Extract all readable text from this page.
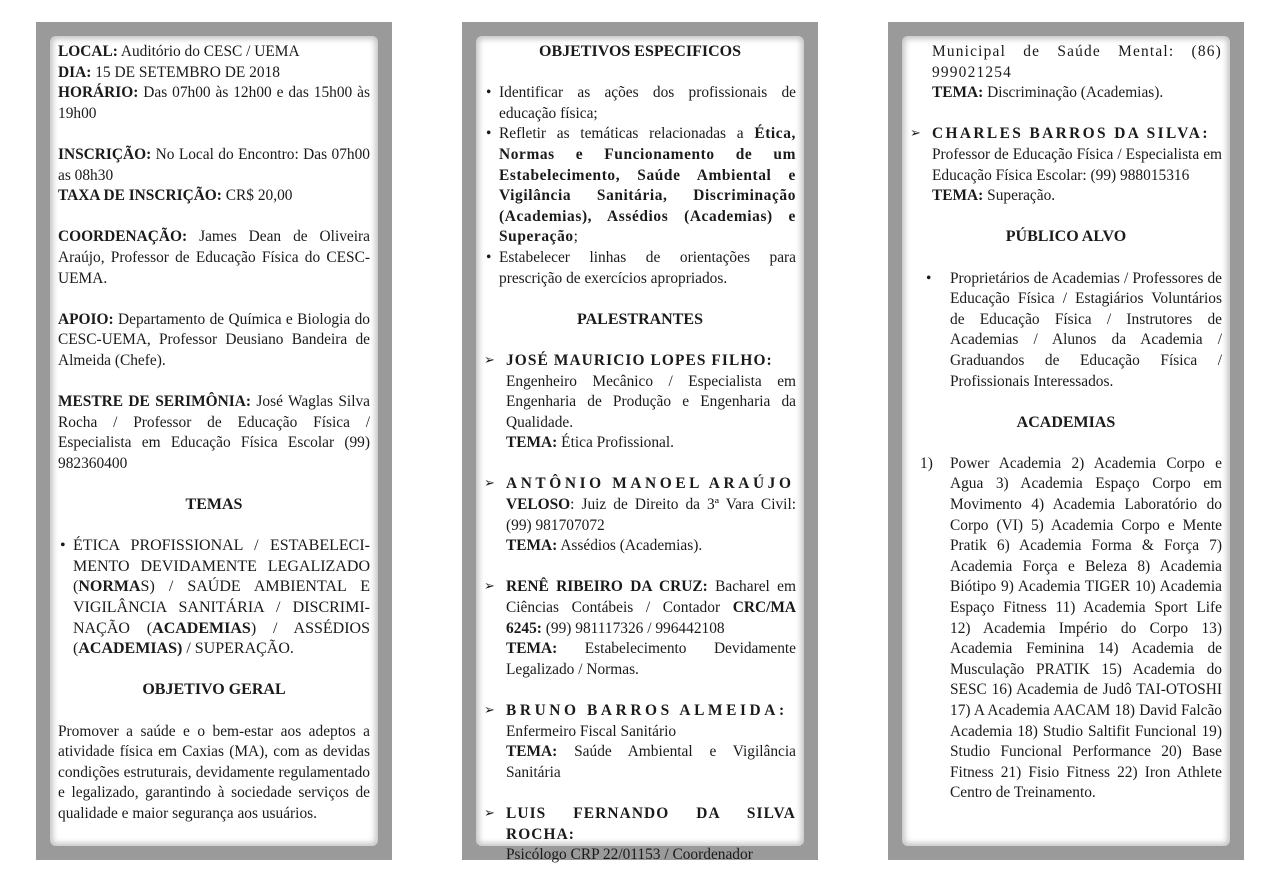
LOCAL: Auditório do CESC / UEMA

DIA: 15 DE SETEMBRO DE 2018

HORÁRIO: Das 07h00 às 12h00 e das 15h00 às 19h00

INSCRIÇÃO: No Local do Encontro: Das 07h00 as 08h30

TAXA DE INSCRIÇÃO: CR$ 20,00

COORDENAÇÃO: James Dean de Oliveira Araújo, Professor de Educação Física do CESC-UEMA.

APOIO: Departamento de Química e Biologia do CESC-UEMA, Professor Deusiano Bandeira de Almeida (Chefe).

MESTRE DE SERIMÔNIA: José Waglas Silva Rocha / Professor de Educação Física / Especialista em Educação Física Escolar (99) 982360400

TEMAS

• ÉTICA PROFISSIONAL / ESTABELECI-MENTO DEVIDAMENTE LEGALIZADO (NORMAS) / SAÚDE AMBIENTAL E VIGILÂNCIA SANITÁRIA / DISCRIMI-NAÇÃO (ACADEMIAS) / ASSÉDIOS (ACADEMIAS) / SUPERAÇÃO.

OBJETIVO GERAL

Promover a saúde e o bem-estar aos adeptos a atividade física em Caxias (MA), com as devidas condições estruturais, devidamente regulamentado e legalizado, garantindo à sociedade serviços de qualidade e maior segurança aos usuários.

OBJETIVOS ESPECIFICOS

• Identificar as ações dos profissionais de educação física;
• Refletir as temáticas relacionadas a Ética, Normas e Funcionamento de um Estabelecimento, Saúde Ambiental e Vigilância Sanitária, Discriminação (Academias), Assédios (Academias) e Superação;
• Estabelecer linhas de orientações para prescrição de exercícios apropriados.

PALESTRANTES

➢ JOSÉ MAURICIO LOPES FILHO:

Engenheiro Mecânico / Especialista em Engenharia de Produção e Engenharia da Qualidade.

TEMA: Ética Profissional.

➢ ANTÔNIO MANOEL ARAÚJO

VELOSO: Juiz de Direito da 3ª Vara Civil: (99) 981707072

TEMA: Assédios (Academias).

➢ RENÊ RIBEIRO DA CRUZ: Bacharel em Ciências Contábeis / Contador CRC/MA 6245: (99) 981117326 / 996442108

TEMA: Estabelecimento Devidamente Legalizado / Normas.

➢ BRUNO BARROS ALMEIDA:

Enfermeiro Fiscal Sanitário

TEMA: Saúde Ambiental e Vigilância Sanitária

➢ LUIS FERNANDO DA SILVA ROCHA:

Psicólogo CRP 22/01153 / Coordenador

Municipal de Saúde Mental: (86) 999021254

TEMA: Discriminação (Academias).

➢ CHARLES BARROS DA SILVA:

Professor de Educação Física / Especialista em Educação Física Escolar: (99) 988015316

TEMA: Superação.

PÚBLICO ALVO

• Proprietários de Academias / Professores de Educação Física / Estagiários Voluntários de Educação Física / Instrutores de Academias / Alunos da Academia / Graduandos de Educação Física / Profissionais Interessados.

ACADEMIAS

1) Power Academia 2) Academia Corpo e Agua 3) Academia Espaço Corpo em Movimento 4) Academia Laboratório do Corpo (VI) 5) Academia Corpo e Mente Pratik 6) Academia Forma & Força 7) Academia Força e Beleza 8) Academia Biótipo 9) Academia TIGER 10) Academia Espaço Fitness 11) Academia Sport Life 12) Academia Império do Corpo 13) Academia Feminina 14) Academia de Musculação PRATIK 15) Academia do SESC 16) Academia de Judô TAI-OTOSHI 17) A Academia AACAM 18) David Falcão Academia 18) Studio Saltifit Funcional 19) Studio Funcional Performance 20) Base Fitness 21) Fisio Fitness 22) Iron Athlete Centro de Treinamento.
